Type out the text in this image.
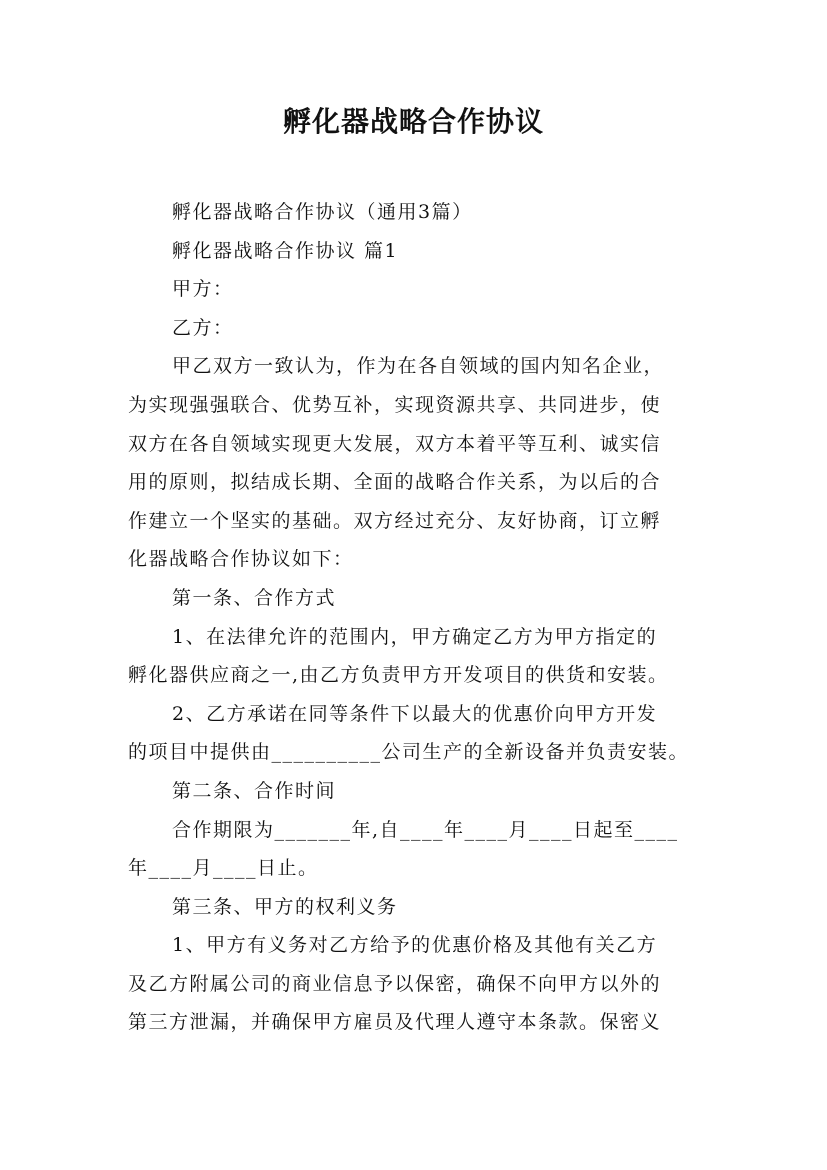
孵化器战略合作协议
孵化器战略合作协议（通用3篇）
孵化器战略合作协议 篇1
甲方：
乙方：
甲乙双方一致认为，作为在各自领域的国内知名企业，
为实现强强联合、优势互补，实现资源共享、共同进步，使
双方在各自领域实现更大发展，双方本着平等互利、诚实信
用的原则，拟结成长期、全面的战略合作关系，为以后的合
作建立一个坚实的基础。双方经过充分、友好协商，订立孵
化器战略合作协议如下：
第一条、合作方式
1、在法律允许的范围内，甲方确定乙方为甲方指定的
孵化器供应商之一,由乙方负责甲方开发项目的供货和安装。
2、乙方承诺在同等条件下以最大的优惠价向甲方开发
的项目中提供由__________公司生产的全新设备并负责安装。
第二条、合作时间
合作期限为_______年,自____年____月____日起至____
年____月____日止。
第三条、甲方的权利义务
1、甲方有义务对乙方给予的优惠价格及其他有关乙方
及乙方附属公司的商业信息予以保密，确保不向甲方以外的
第三方泄漏，并确保甲方雇员及代理人遵守本条款。保密义
